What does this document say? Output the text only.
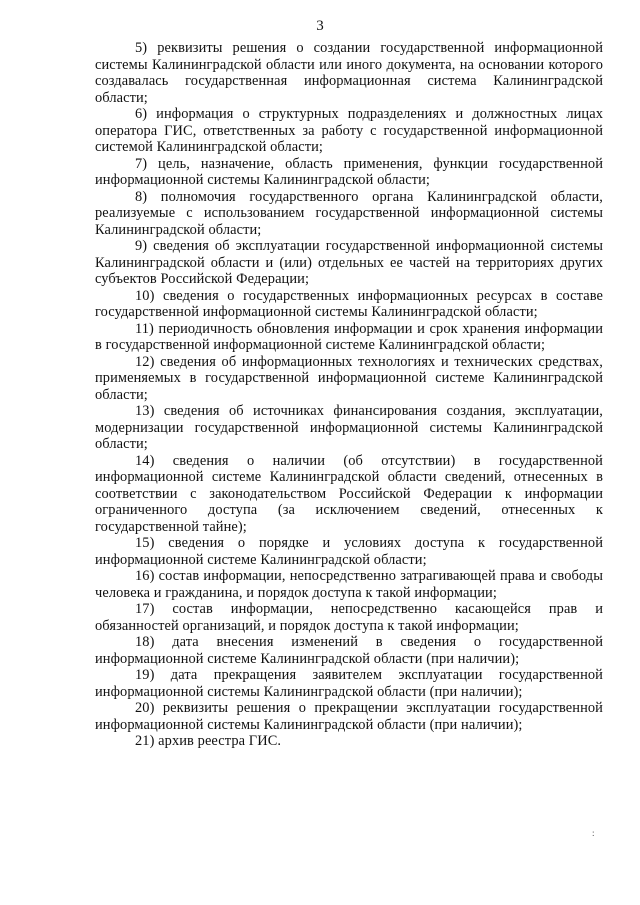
3

5) реквизиты решения о создании государственной информационной системы Калининградской области или иного документа, на основании которого создавалась государственная информационная система Калининградской области;

6) информация о структурных подразделениях и должностных лицах оператора ГИС, ответственных за работу с государственной информационной системой Калининградской области;

7) цель, назначение, область применения, функции государственной информационной системы Калининградской области;

8) полномочия государственного органа Калининградской области, реализуемые с использованием государственной информационной системы Калининградской области;

9) сведения об эксплуатации государственной информационной системы Калининградской области и (или) отдельных ее частей на территориях других субъектов Российской Федерации;

10) сведения о государственных информационных ресурсах в составе государственной информационной системы Калининградской области;

11) периодичность обновления информации и срок хранения информации в государственной информационной системе Калининградской области;

12) сведения об информационных технологиях и технических средствах, применяемых в государственной информационной системе Калининградской области;

13) сведения об источниках финансирования создания, эксплуатации, модернизации государственной информационной системы Калининградской области;

14) сведения о наличии (об отсутствии) в государственной информационной системе Калининградской области сведений, отнесенных в соответствии с законодательством Российской Федерации к информации ограниченного доступа (за исключением сведений, отнесенных к государственной тайне);

15) сведения о порядке и условиях доступа к государственной информационной системе Калининградской области;

16) состав информации, непосредственно затрагивающей права и свободы человека и гражданина, и порядок доступа к такой информации;

17) состав информации, непосредственно касающейся прав и обязанностей организаций, и порядок доступа к такой информации;

18) дата внесения изменений в сведения о государственной информационной системе Калининградской области (при наличии);

19) дата прекращения заявителем эксплуатации государственной информационной системы Калининградской области (при наличии);

20) реквизиты решения о прекращении эксплуатации государственной информационной системы Калининградской области (при наличии);

21) архив реестра ГИС.

:
